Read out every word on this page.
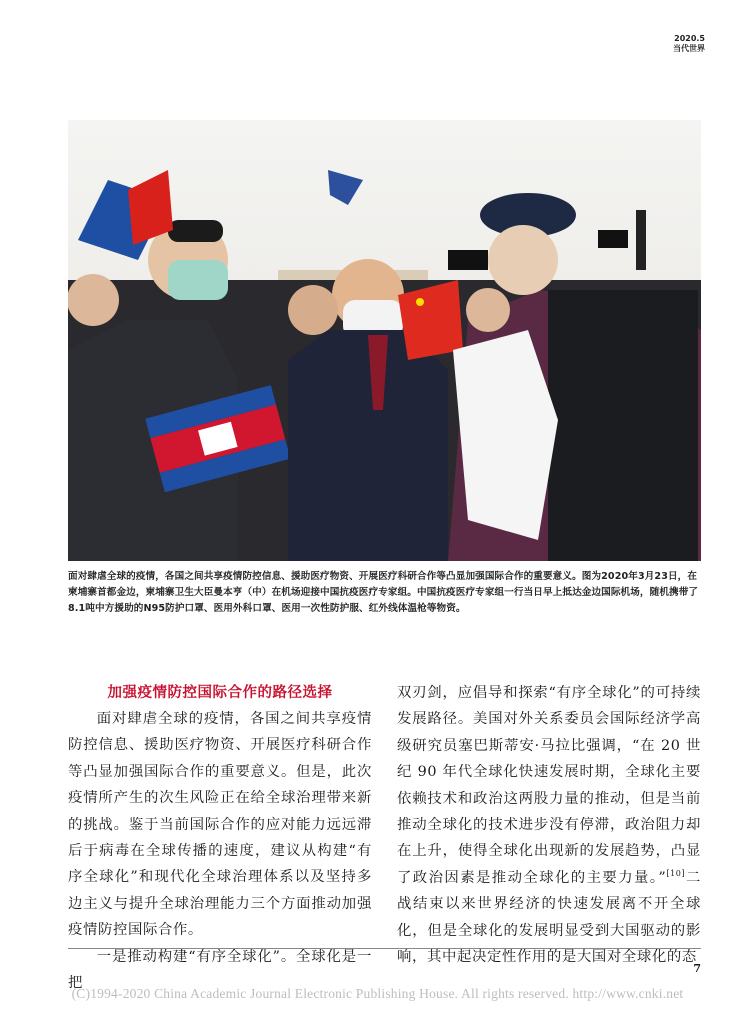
2020.5
当代世界
面对肆虐全球的疫情，各国之间共享疫情防控信息、援助医疗物资、开展医疗科研合作等凸显加强国际合作的重要意义。图为2020年3月23日，在柬埔寨首都金边，柬埔寨卫生大臣曼本亨（中）在机场迎接中国抗疫医疗专家组。中国抗疫医疗专家组一行当日早上抵达金边国际机场，随机携带了8.1吨中方援助的N95防护口罩、医用外科口罩、医用一次性防护服、红外线体温枪等物资。
加强疫情防控国际合作的路径选择

面对肆虐全球的疫情，各国之间共享疫情防控信息、援助医疗物资、开展医疗科研合作等凸显加强国际合作的重要意义。但是，此次疫情所产生的次生风险正在给全球治理带来新的挑战。鉴于当前国际合作的应对能力远远滞后于病毒在全球传播的速度，建议从构建“有序全球化”和现代化全球治理体系以及坚持多边主义与提升全球治理能力三个方面推动加强疫情防控国际合作。

一是推动构建“有序全球化”。全球化是一把

双刃剑，应倡导和探索“有序全球化”的可持续发展路径。美国对外关系委员会国际经济学高级研究员塞巴斯蒂安·马拉比强调，“在 20 世纪 90 年代全球化快速发展时期，全球化主要依赖技术和政治这两股力量的推动，但是当前推动全球化的技术进步没有停滞，政治阻力却在上升，使得全球化出现新的发展趋势，凸显了政治因素是推动全球化的主要力量。”[10]二战结束以来世界经济的快速发展离不开全球化，但是全球化的发展明显受到大国驱动的影响，其中起决定性作用的是大国对全球化的态

7
(C)1994-2020 China Academic Journal Electronic Publishing House. All rights reserved. http://www.cnki.net
